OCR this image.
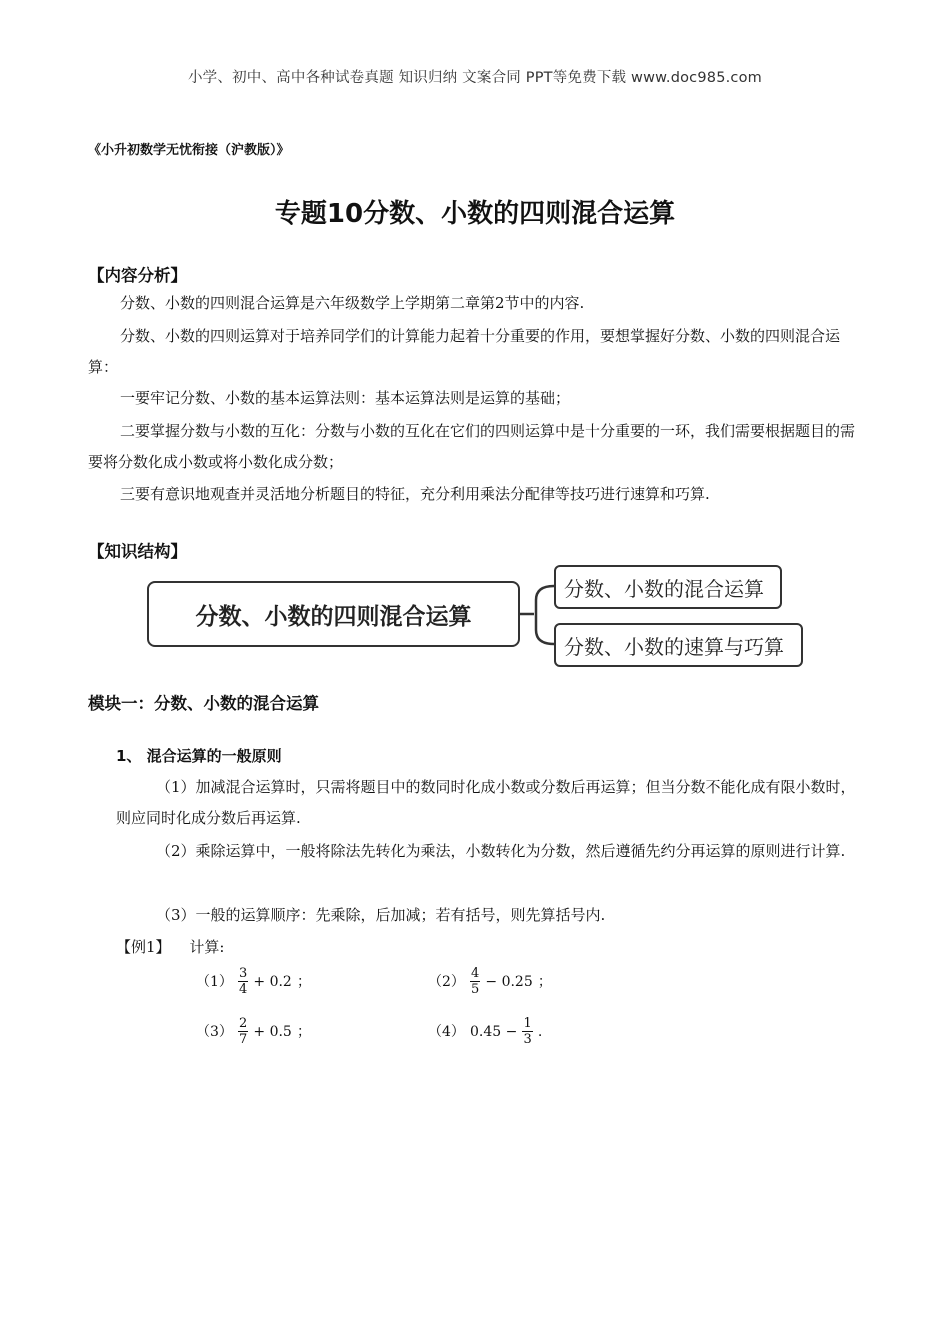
小学、初中、高中各种试卷真题 知识归纳 文案合同 PPT等免费下载 www.doc985.com
《小升初数学无忧衔接（沪教版）》
专题10分数、小数的四则混合运算
【内容分析】
分数、小数的四则混合运算是六年级数学上学期第二章第2节中的内容.
分数、小数的四则运算对于培养同学们的计算能力起着十分重要的作用，要想掌握好分数、小数的四则混合运算：
一要牢记分数、小数的基本运算法则：基本运算法则是运算的基础；
二要掌握分数与小数的互化：分数与小数的互化在它们的四则运算中是十分重要的一环，我们需要根据题目的需要将分数化成小数或将小数化成分数；
三要有意识地观查并灵活地分析题目的特征，充分利用乘法分配律等技巧进行速算和巧算.
【知识结构】
分数、小数的四则混合运算
分数、小数的混合运算
分数、小数的速算与巧算
模块一：分数、小数的混合运算
1、 混合运算的一般原则
（1）加减混合运算时，只需将题目中的数同时化成小数或分数后再运算；但当分数不能化成有限小数时，则应同时化成分数后再运算.
（2）乘除运算中，一般将除法先转化为乘法，小数转化为分数，然后遵循先约分再运算的原则进行计算.
（3）一般的运算顺序：先乘除，后加减；若有括号，则先算括号内.
【例1】 计算:
$(1) \frac{3}{4} + 0.2$ ；	$(2) \frac{4}{5} - 0.25$ ；
$(3) \frac{2}{7} + 0.5$ ；	（4） $0.45 - \frac{1}{3}$ .
